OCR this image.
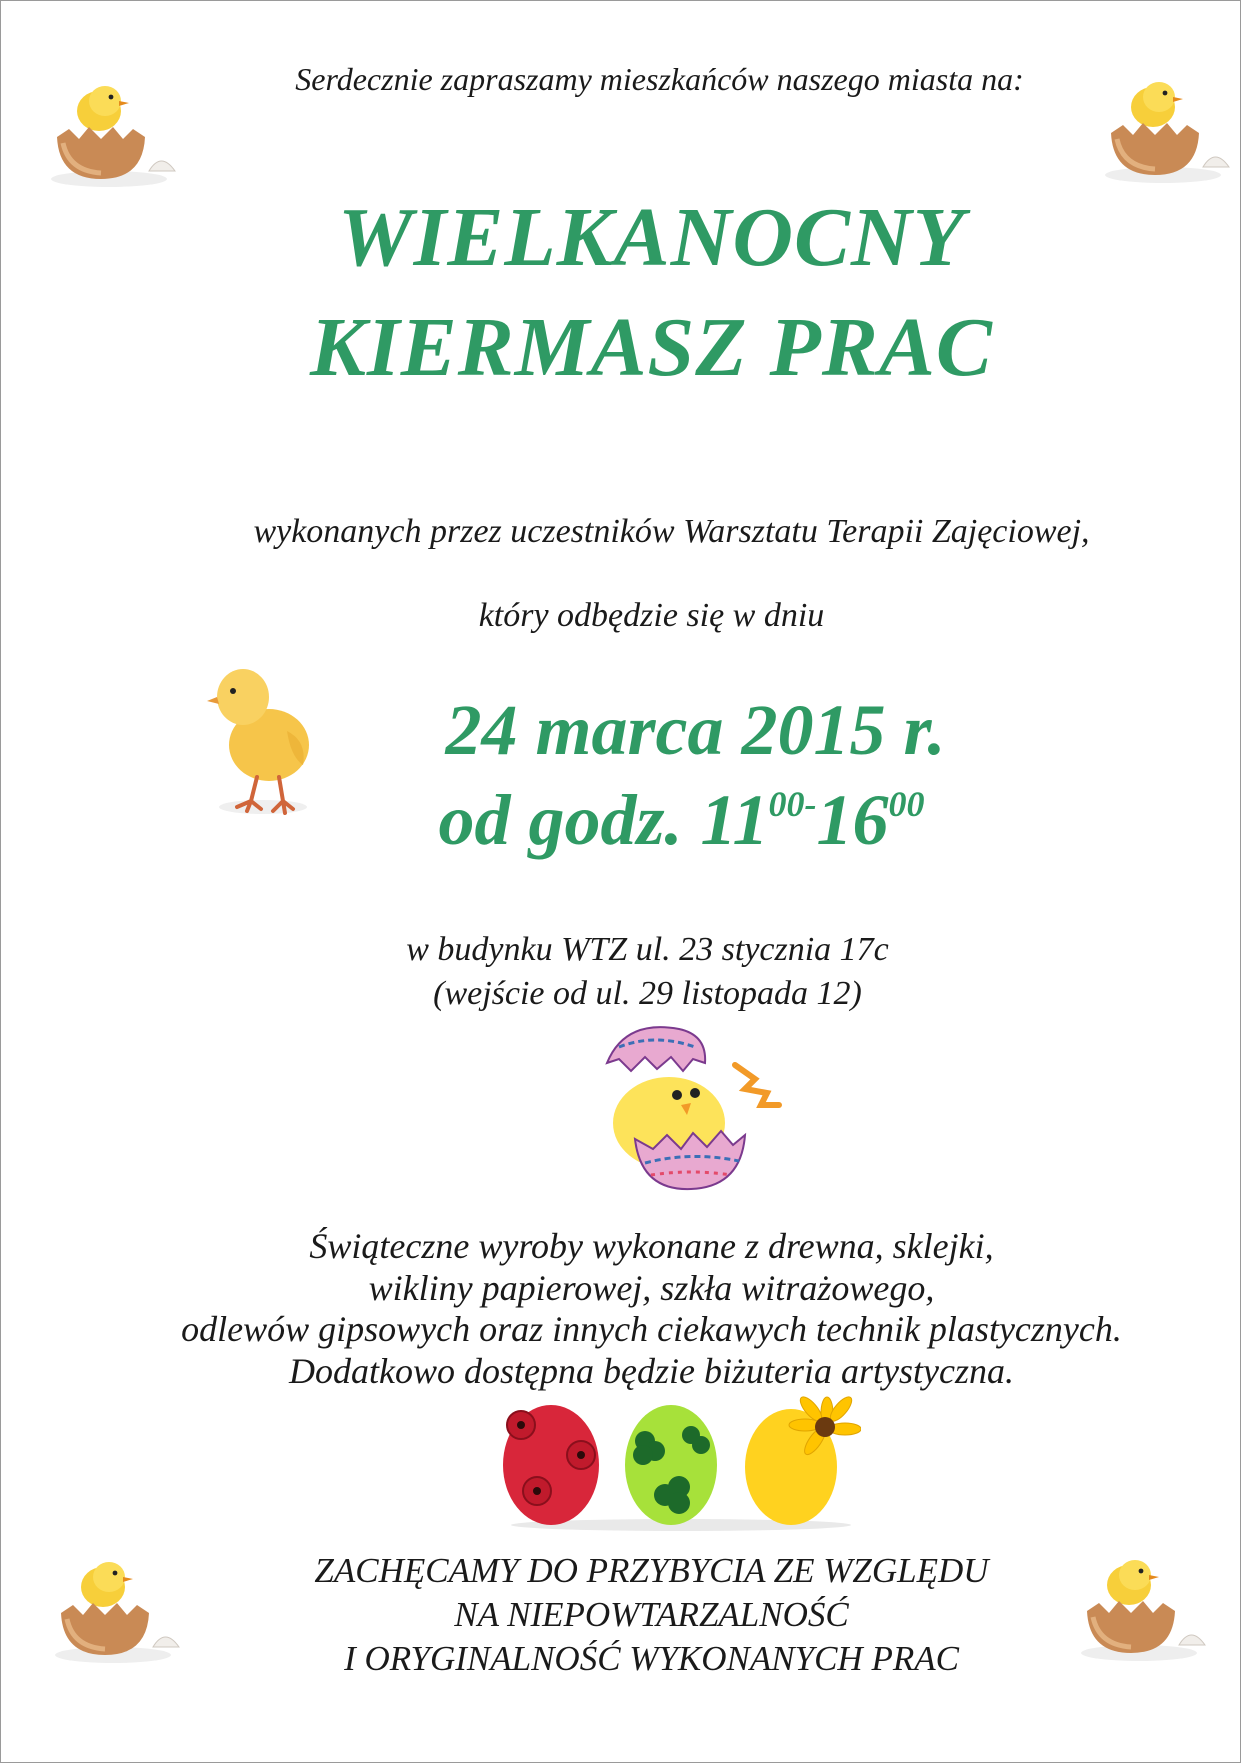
Serdecznie zapraszamy mieszkańców naszego miasta na:
WIELKANOCNY
KIERMASZ PRAC
wykonanych przez uczestników Warsztatu Terapii Zajęciowej,
który odbędzie się w dniu
24 marca 2015 r.
od godz. $11^{00-}16^{00}$
w budynku WTZ ul. 23 stycznia 17c
(wejście od ul. 29 listopada 12)
Świąteczne wyroby wykonane z drewna, sklejki,
wikliny papierowej, szkła witrażowego,
odlewów gipsowych oraz innych ciekawych technik plastycznych.
Dodatkowo dostępna będzie biżuteria artystyczna.
ZACHĘCAMY DO PRZYBYCIA ZE WZGLĘDU
NA NIEPOWTARZALNOŚĆ
I ORYGINALNOŚĆ WYKONANYCH PRAC
